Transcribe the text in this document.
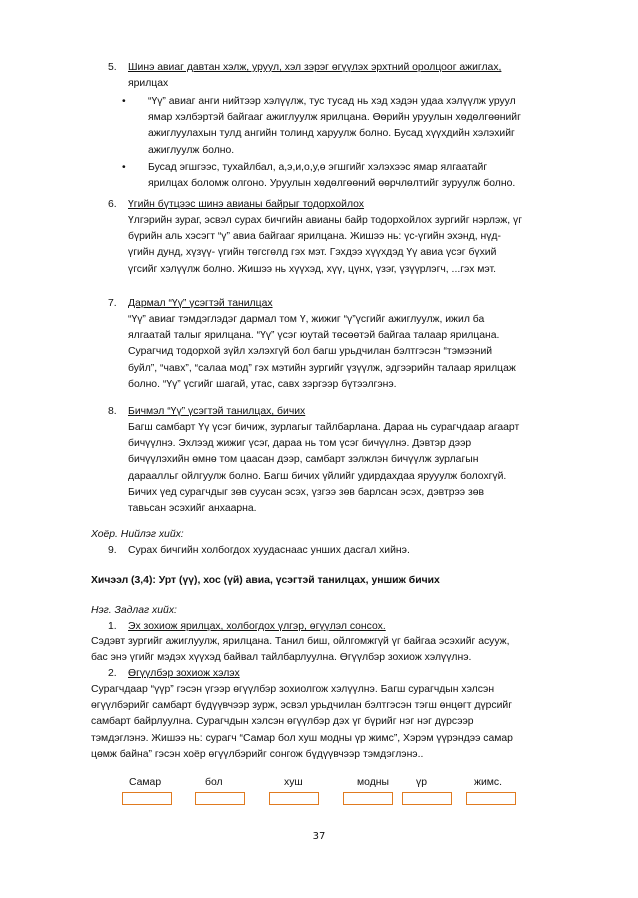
5. Шинэ авиаг давтан хэлж, уруул, хэл зэрэг өгүүлэх эрхтний оролцоог ажиглах,
ярилцах
• “Үү” авиаг анги нийтээр хэлүүлж, тус тусад нь хэд хэдэн удаа хэлүүлж уруул
ямар хэлбэртэй байгааг ажиглуулж ярилцана. Өөрийн уруулын хөдөлгөөнийг
ажиглуулахын тулд ангийн толинд харуулж болно. Бусад хүүхдийн хэлэхийг
ажиглуулж болно.
• Бусад эгшгээс, тухайлбал, а,э,и,о,у,ө эгшгийг хэлэхээс ямар ялгаатайг
ярилцах боломж олгоно. Уруулын хөдөлгөөний өөрчлөлтийг зуруулж болно.
6. Үгийн бүтцээс шинэ авианы байрыг тодорхойлох
Үлгэрийн зураг, эсвэл сурах бичгийн авианы байр тодорхойлох зургийг нэрлэж, үг
бүрийн аль хэсэгт “ү” авиа байгааг ярилцана. Жишээ нь: үс-үгийн эхэнд, нүд-
үгийн дунд, хүзүү- үгийн төгсгөлд гэх мэт. Гэхдээ хүүхдэд Үү авиа үсэг бүхий
үгсийг хэлүүлж болно. Жишээ нь хүүхэд, хүү, цүнх, үзэг, үзүүрлэгч, ...гэх мэт.
7. Дармал “Үү” үсэгтэй танилцах
“Үү” авиаг тэмдэглэдэг дармал том Ү, жижиг “ү”үсгийг ажиглуулж, ижил ба
ялгаатай талыг ярилцана. “Үү” үсэг юутай төсөөтэй байгаа талаар ярилцана.
Сурагчид тодорхой зүйл хэлэхгүй бол багш урьдчилан бэлтгэсэн “тэмээний
буйл”, “чавх”, “салаа мод” гэх мэтийн зургийг үзүүлж, эдгээрийн талаар ярилцаж
болно. “Үү” үсгийг шагай, утас, савх зэргээр бүтээлгэнэ.
8. Бичмэл “Үү” үсэгтэй танилцах, бичих
Багш самбарт Үү үсэг бичиж, зурлагыг тайлбарлана. Дараа нь сурагчдаар агаарт
бичүүлнэ. Эхлээд жижиг үсэг, дараа нь том үсэг бичүүлнэ. Дэвтэр дээр
бичүүлэхийн өмнө том цаасан дээр, самбарт зэлжлэн бичүүлж зурлагын
дараалльг ойлгуулж болно. Багш бичих үйлийг удирдахдаа ярууулж болохгүй.
Бичих үед сурагчдыг зөв суусан эсэх, үзгээ зөв барлсан эсэх, дэвтрээ зөв
тавьсан эсэхийг анхаарна.
Хоёр. Нийлэг хийх:
9. Сурах бичгийн холбогдох хуудаснаас унших дасгал хийнэ.
Хичээл (3,4): Урт (үү), хос (үй) авиа, үсэгтэй танилцах, уншиж бичих
Нэг. Задлаг хийх:
1. Эх зохиож ярилцах, холбогдох үлгэр, өгүүлэл сонсох.
Сэдэвт зургийг ажиглуулж, ярилцана. Танил биш, ойлгомжгүй үг байгаа эсэхийг асууж,
бас энэ үгийг мэдэх хүүхэд байвал тайлбарлуулна. Өгүүлбэр зохиож хэлүүлнэ.
2. Өгүүлбэр зохиож хэлэх
Сурагчдаар “үүр” гэсэн үгээр өгүүлбэр зохиолгож хэлүүлнэ. Багш сурагчдын хэлсэн
өгүүлбэрийг самбарт бүдүүвчээр зурж, эсвэл урьдчилан бэлтгэсэн тэгш өнцөгт дүрсийг
самбарт байрлуулна. Сурагчдын хэлсэн өгүүлбэр дэх үг бүрийг нэг нэг дүрсээр
тэмдэглэнэ. Жишээ нь: сурагч “Самар бол хуш модны үр жимс”, Хэрэм үүрэндээ самар
цөмж байна” гэсэн хоёр өгүүлбэрийг сонгож бүдүүвчээр тэмдэглэнэ..
Самар	бол	хуш	модны	үр	жимс.
37
